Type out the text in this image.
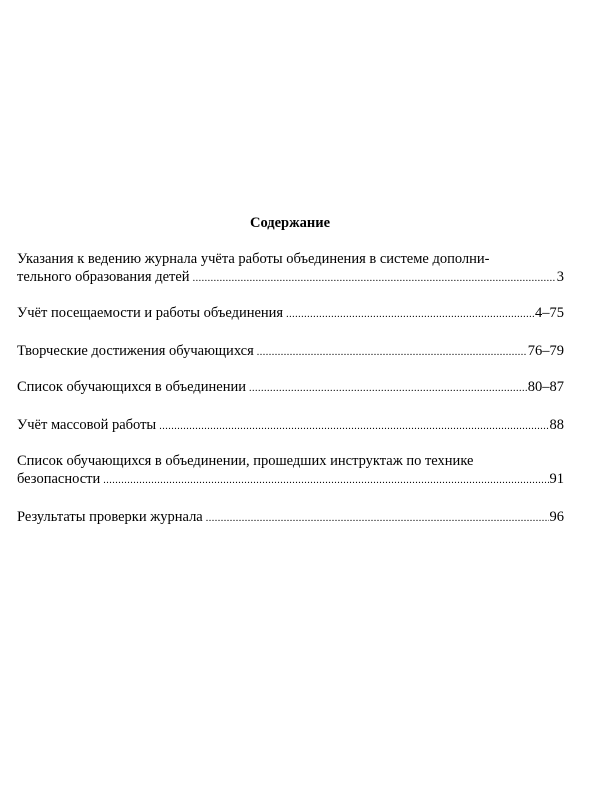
Содержание
Указания к ведению журнала учёта работы объединения в системе дополни-
тельного образования детей .....	3
Учёт посещаемости и работы объединения .....	4–75
Творческие достижения обучающихся .....	76–79
Список обучающихся в объединении .....	80–87
Учёт массовой работы .....	88
Список обучающихся в объединении, прошедших инструктаж по технике
безопасности .....	91
Результаты проверки журнала .....	96
